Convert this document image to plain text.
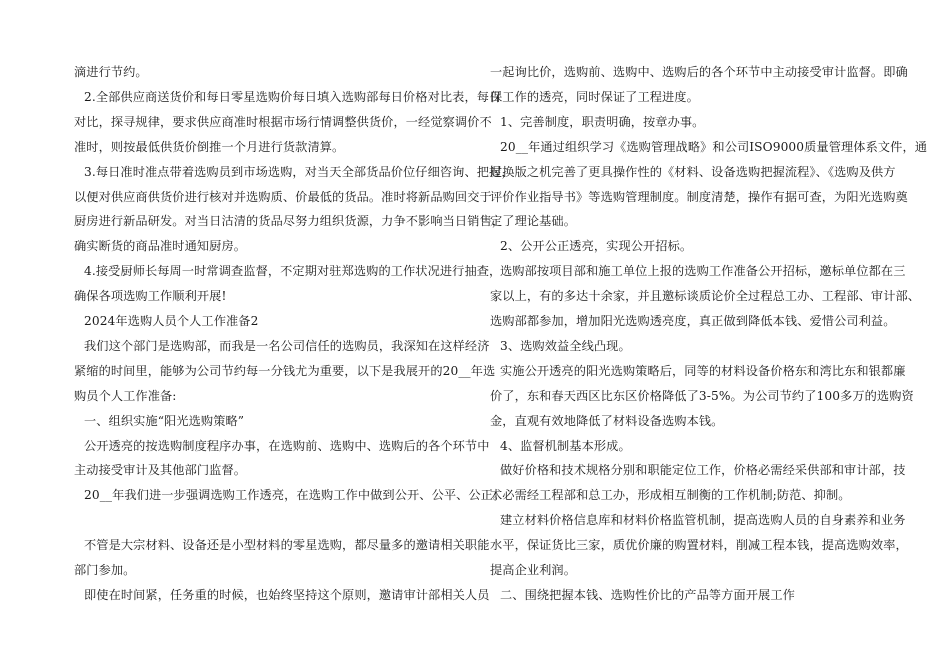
滴进行节约。
2.全部供应商送货价和每日零星选购价每日填入选购部每日价格对比表，每日
对比，探寻规律，要求供应商准时根据市场行情调整供货价，一经觉察调价不
准时，则按最低供货价倒推一个月进行货款清算。
3.每日准时准点带着选购员到市场选购，对当天全部货品价位仔细咨询、把握，
以便对供应商供货价进行核对并选购质、价最低的货品。准时将新品购回交于
厨房进行新品研发。对当日沽清的货品尽努力组织货源，力争不影响当日销售，
确实断货的商品准时通知厨房。
4.接受厨师长每周一时常调查监督，不定期对驻郑选购的工作状况进行抽查，
确保各项选购工作顺利开展!
2024年选购人员个人工作准备2
我们这个部门是选购部，而我是一名公司信任的选购员，我深知在这样经济
紧缩的时间里，能够为公司节约每一分钱尤为重要，以下是我展开的20__年选
购员个人工作准备:
一、组织实施“阳光选购策略”
公开透亮的按选购制度程序办事，在选购前、选购中、选购后的各个环节中
主动接受审计及其他部门监督。
20__年我们进一步强调选购工作透亮，在选购工作中做到公开、公平、公正。
不管是大宗材料、设备还是小型材料的零星选购，都尽量多的邀请相关职能
部门参加。
即使在时间紧，任务重的时候，也始终坚持这个原则，邀请审计部相关人员
一起询比价，选购前、选购中、选购后的各个环节中主动接受审计监督。即确
保工作的透亮，同时保证了工程进度。
1、完善制度，职责明确，按章办事。
20__年通过组织学习《选购管理战略》和公司ISO9000质量管理体系文件，通
过换版之机完善了更具操作性的《材料、设备选购把握流程》、《选购及供方
评价作业指导书》等选购管理制度。制度清楚，操作有据可查，为阳光选购奠
定了理论基础。
2、公开公正透亮，实现公开招标。
选购部按项目部和施工单位上报的选购工作准备公开招标，邀标单位都在三
家以上，有的多达十余家，并且邀标谈质论价全过程总工办、工程部、审计部、
选购部都参加，增加阳光选购透亮度，真正做到降低本钱、爱惜公司利益。
3、选购效益全线凸现。
实施公开透亮的阳光选购策略后，同等的材料设备价格东和湾比东和银都廉
价了，东和春天西区比东区价格降低了3-5%。为公司节约了100多万的选购资
金，直观有效地降低了材料设备选购本钱。
4、监督机制基本形成。
做好价格和技术规格分别和职能定位工作，价格必需经采供部和审计部，技
术必需经工程部和总工办，形成相互制衡的工作机制;防范、抑制。
建立材料价格信息库和材料价格监管机制，提高选购人员的自身素养和业务
水平，保证货比三家，质优价廉的购置材料，削减工程本钱，提高选购效率，
提高企业利润。
二、围绕把握本钱、选购性价比的产品等方面开展工作
